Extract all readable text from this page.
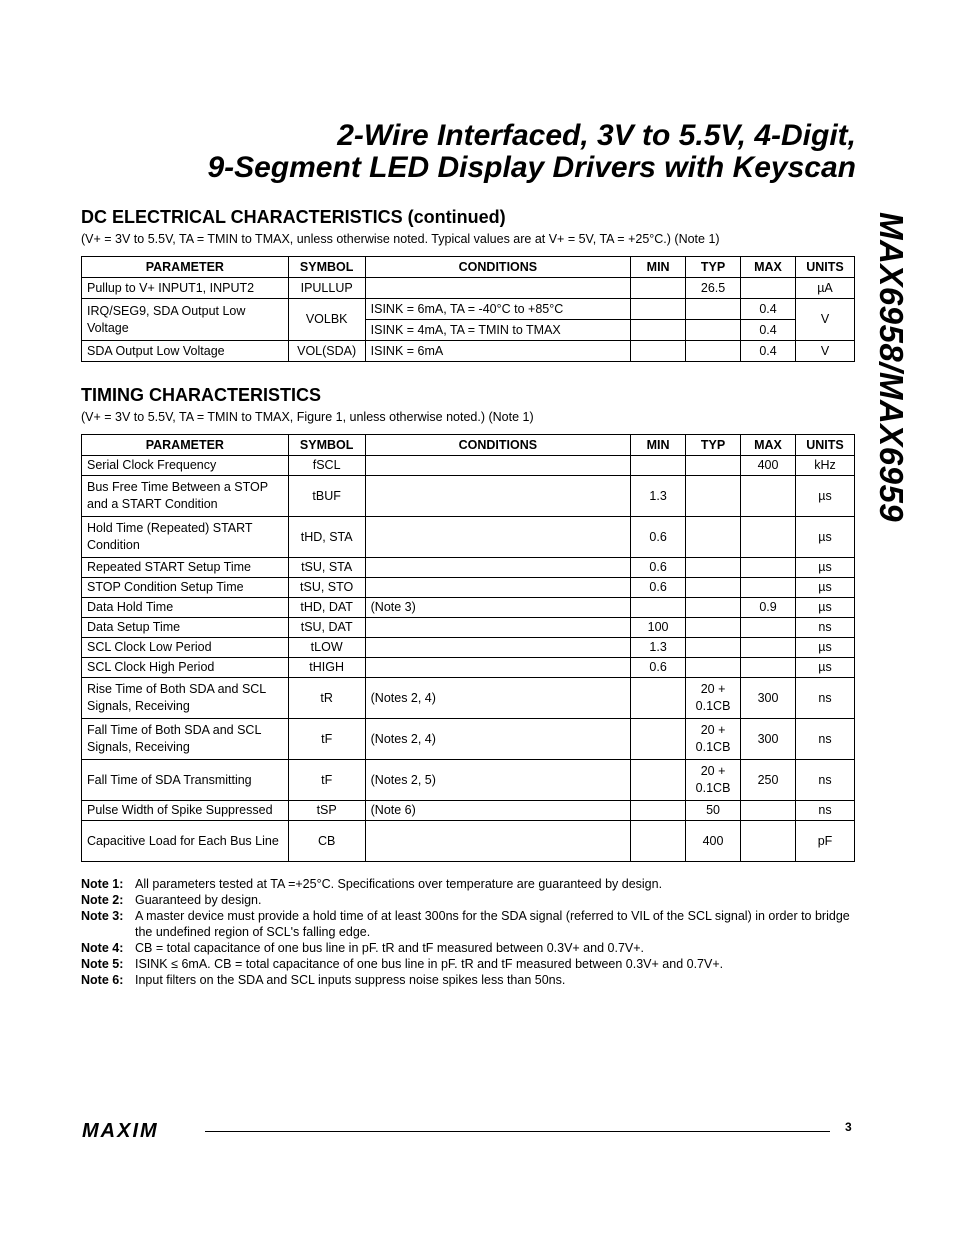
2-Wire Interfaced, 3V to 5.5V, 4-Digit,
9-Segment LED Display Drivers with Keyscan
MAX6958/MAX6959
DC ELECTRICAL CHARACTERISTICS (continued)
(V+ = 3V to 5.5V, TA = TMIN to TMAX, unless otherwise noted. Typical values are at V+ = 5V, TA = +25°C.) (Note 1)
PARAMETER	SYMBOL	CONDITIONS	MIN	TYP	MAX	UNITS
Pullup to V+ INPUT1, INPUT2	IPULLUP			26.5		µA
IRQ/SEG9, SDA Output Low Voltage	VOLBK	ISINK = 6mA, TA = -40°C to +85°C			0.4	V
		ISINK = 4mA, TA = TMIN to TMAX			0.4	
SDA Output Low Voltage	VOL(SDA)	ISINK = 6mA			0.4	V
TIMING CHARACTERISTICS
(V+ = 3V to 5.5V, TA = TMIN to TMAX, Figure 1, unless otherwise noted.) (Note 1)
PARAMETER	SYMBOL	CONDITIONS	MIN	TYP	MAX	UNITS
Serial Clock Frequency	fSCL				400	kHz
Bus Free Time Between a STOP and a START Condition	tBUF		1.3			µs
Hold Time (Repeated) START Condition	tHD, STA		0.6			µs
Repeated START Setup Time	tSU, STA		0.6			µs
STOP Condition Setup Time	tSU, STO		0.6			µs
Data Hold Time	tHD, DAT	(Note 3)			0.9	µs
Data Setup Time	tSU, DAT		100			ns
SCL Clock Low Period	tLOW		1.3			µs
SCL Clock High Period	tHIGH		0.6			µs
Rise Time of Both SDA and SCL Signals, Receiving	tR	(Notes 2, 4)		20 + 0.1CB	300	ns
Fall Time of Both SDA and SCL Signals, Receiving	tF	(Notes 2, 4)		20 + 0.1CB	300	ns
Fall Time of SDA Transmitting	tF	(Notes 2, 5)		20 + 0.1CB	250	ns
Pulse Width of Spike Suppressed	tSP	(Note 6)		50		ns
Capacitive Load for Each Bus Line	CB			400		pF
Note 1: All parameters tested at TA =+25°C. Specifications over temperature are guaranteed by design.
Note 2: Guaranteed by design.
Note 3: A master device must provide a hold time of at least 300ns for the SDA signal (referred to VIL of the SCL signal) in order to bridge the undefined region of SCL's falling edge.
Note 4: CB = total capacitance of one bus line in pF. tR and tF measured between 0.3V+ and 0.7V+.
Note 5: ISINK ≤ 6mA. CB = total capacitance of one bus line in pF. tR and tF measured between 0.3V+ and 0.7V+.
Note 6: Input filters on the SDA and SCL inputs suppress noise spikes less than 50ns.
MAXIM	3
